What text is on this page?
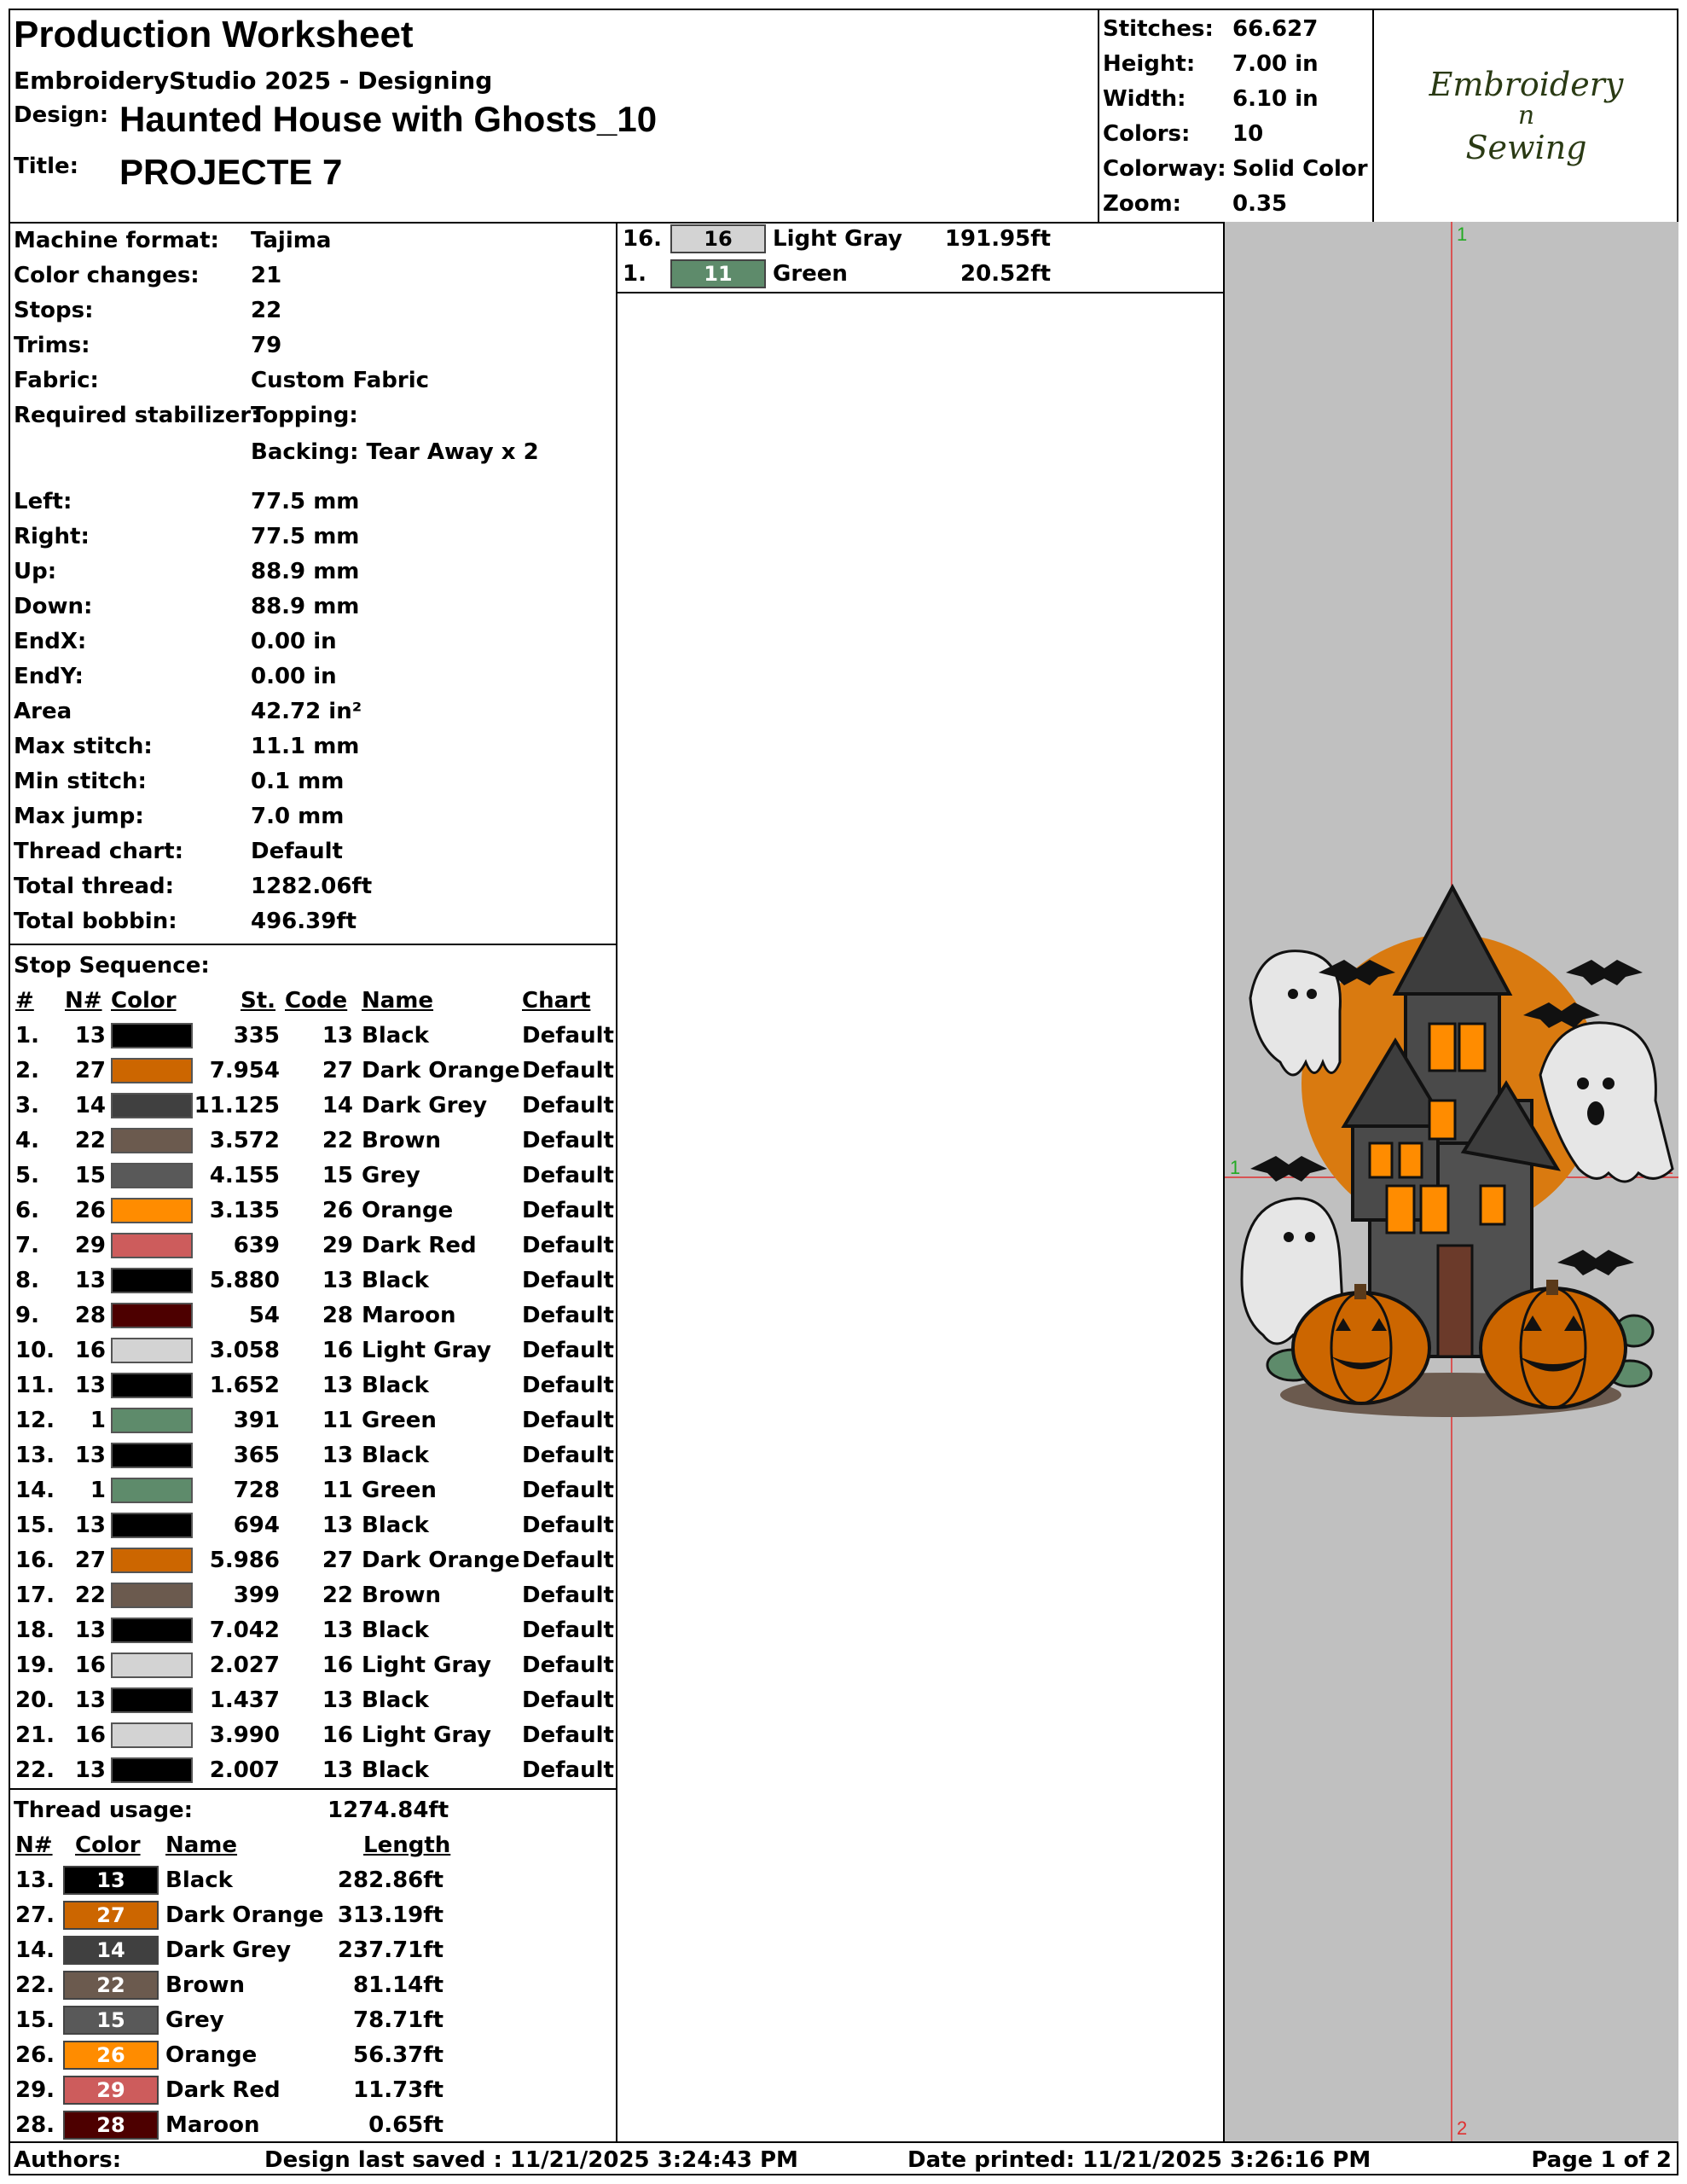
Production Worksheet
EmbroideryStudio 2025 - Designing
Design: Haunted House with Ghosts_10
Title: PROJECTE 7
Stitches: 66.627
Height: 7.00 in
Width: 6.10 in
Colors: 10
Colorway: Solid Color
Zoom: 0.35
Embroidery
n
Sewing
Machine format: Tajima
Color changes: 21
Stops:	22
Trims:	79
Fabric:	Custom Fabric
Required stabilizer:
Topping:
Backing: Tear Away x 2
Left:	77.5 mm
Right:	77.5 mm
Up:	88.9 mm
Down:	88.9 mm
EndX:	0.00 in
EndY:	0.00 in
Area	42.72 in²
Max stitch:	11.1 mm
Min stitch:	0.1 mm
Max jump:	7.0 mm
Thread chart:	Default
Total thread:	1282.06ft
Total bobbin:	496.39ft
Stop Sequence:
# N# Color	St. Code Name	Chart
1.	13	335	13 Black	Default
2.	27	7.954	27 Dark Orange Default
3.	14	11.125	14 Dark Grey Default
4.	22	3.572	22 Brown	Default
5.	15	4.155	15 Grey	Default
6.	26	3.135	26 Orange	Default
7.	29	639	29 Dark Red Default
8.	13	5.880	13 Black	Default
9.	28	54	28 Maroon	Default
10. 16	3.058	16 Light Gray Default
11. 13	1.652	13 Black	Default
12.	1	391	11 Green	Default
13. 13	365	13 Black	Default
14.	1	728	11 Green	Default
15. 13	694	13 Black	Default
16. 27	5.986	27 Dark Orange Default
17. 22	399	22 Brown	Default
18. 13	7.042	13 Black	Default
19. 16	2.027	16 Light Gray Default
20. 13	1.437	13 Black	Default
21. 16	3.990	16 Light Gray Default
22. 13	2.007	13 Black	Default
Thread usage:	1274.84ft
N# Color Name	Length
13.	13	Black	282.86ft
27.	27	Dark Orange 313.19ft
14.	14	Dark Grey	237.71ft
22.	22	Brown	81.14ft
15.	15	Grey	78.71ft
26.	26	Orange	56.37ft
29.	29	Dark Red	11.73ft
28.	28	Maroon	0.65ft
16.	16	Light Gray	191.95ft
1.	11	Green	20.52ft
1
1
2
Authors:	Design last saved : 11/21/2025 3:24:43 PM	Date printed: 11/21/2025 3:26:16 PM	Page 1 of 2
